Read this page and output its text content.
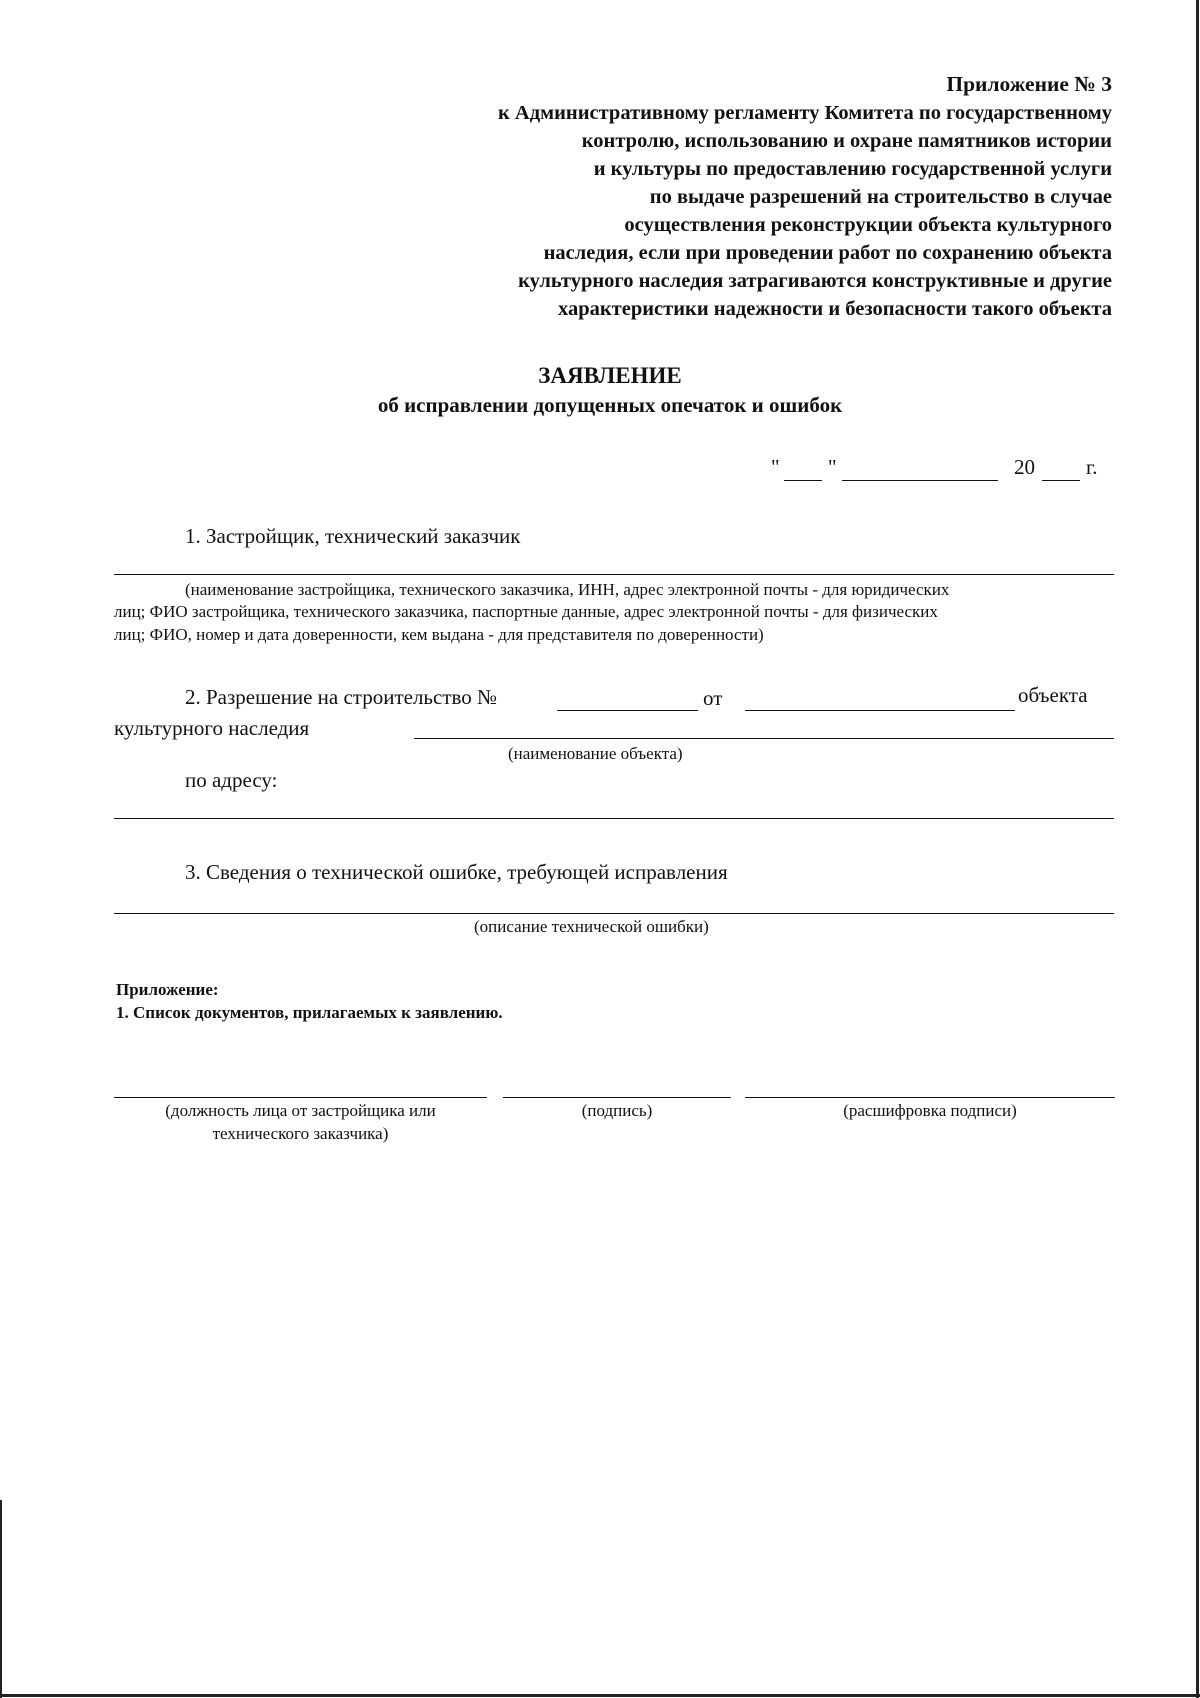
Приложение № 3
к Административному регламенту Комитета по государственному
контролю, использованию и охране памятников истории
и культуры по предоставлению государственной услуги
по выдаче разрешений на строительство в случае
осуществления реконструкции объекта культурного
наследия, если при проведении работ по сохранению объекта
культурного наследия затрагиваются конструктивные и другие
характеристики надежности и безопасности такого объекта
ЗАЯВЛЕНИЕ
об исправлении допущенных опечаток и ошибок
" "	20 г.
1. Застройщик, технический заказчик
(наименование застройщика, технического заказчика, ИНН, адрес электронной почты - для юридических
лиц; ФИО застройщика, технического заказчика, паспортные данные, адрес электронной почты - для физических
лиц; ФИО, номер и дата доверенности, кем выдана - для представителя по доверенности)
2. Разрешение на строительство №	от	объекта
культурного наследия
(наименование объекта)
по адресу:
3. Сведения о технической ошибке, требующей исправления
(описание технической ошибки)
Приложение:
1. Список документов, прилагаемых к заявлению.
(должность лица от застройщика или
технического заказчика)
(подпись)	(расшифровка подписи)
